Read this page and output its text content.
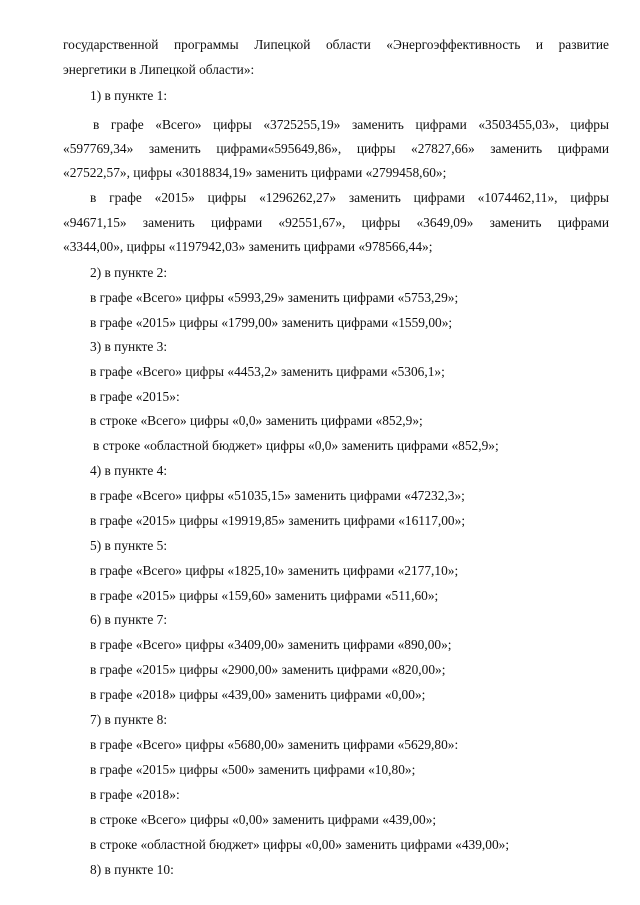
государственной программы Липецкой области «Энергоэффективность и развитие
энергетики в Липецкой области»:
1) в пункте 1:
в графе «Всего» цифры «3725255,19» заменить цифрами «3503455,03», цифры
«597769,34» заменить цифрами«595649,86», цифры «27827,66» заменить цифрами
«27522,57», цифры «3018834,19» заменить цифрами «2799458,60»;
в графе «2015» цифры «1296262,27» заменить цифрами «1074462,11», цифры
«94671,15» заменить цифрами «92551,67», цифры «3649,09» заменить цифрами
«3344,00», цифры «1197942,03» заменить цифрами «978566,44»;
2) в пункте 2:
в графе «Всего» цифры «5993,29» заменить цифрами «5753,29»;
в графе «2015» цифры «1799,00» заменить цифрами «1559,00»;
3) в пункте 3:
в графе «Всего» цифры «4453,2» заменить цифрами «5306,1»;
в графе «2015»:
в строке «Всего» цифры «0,0» заменить цифрами «852,9»;
в строке «областной бюджет» цифры «0,0» заменить цифрами «852,9»;
4) в пункте 4:
в графе «Всего» цифры «51035,15» заменить цифрами «47232,3»;
в графе «2015» цифры «19919,85» заменить цифрами «16117,00»;
5) в пункте 5:
в графе «Всего» цифры «1825,10» заменить цифрами «2177,10»;
в графе «2015» цифры «159,60» заменить цифрами «511,60»;
6) в пункте 7:
в графе «Всего» цифры «3409,00» заменить цифрами «890,00»;
в графе «2015» цифры «2900,00» заменить цифрами «820,00»;
в графе «2018» цифры «439,00» заменить цифрами «0,00»;
7) в пункте 8:
в графе «Всего» цифры «5680,00» заменить цифрами «5629,80»:
в графе «2015» цифры «500» заменить цифрами «10,80»;
в графе «2018»:
в строке «Всего» цифры «0,00» заменить цифрами «439,00»;
в строке «областной бюджет» цифры «0,00» заменить цифрами «439,00»;
8) в пункте 10:
